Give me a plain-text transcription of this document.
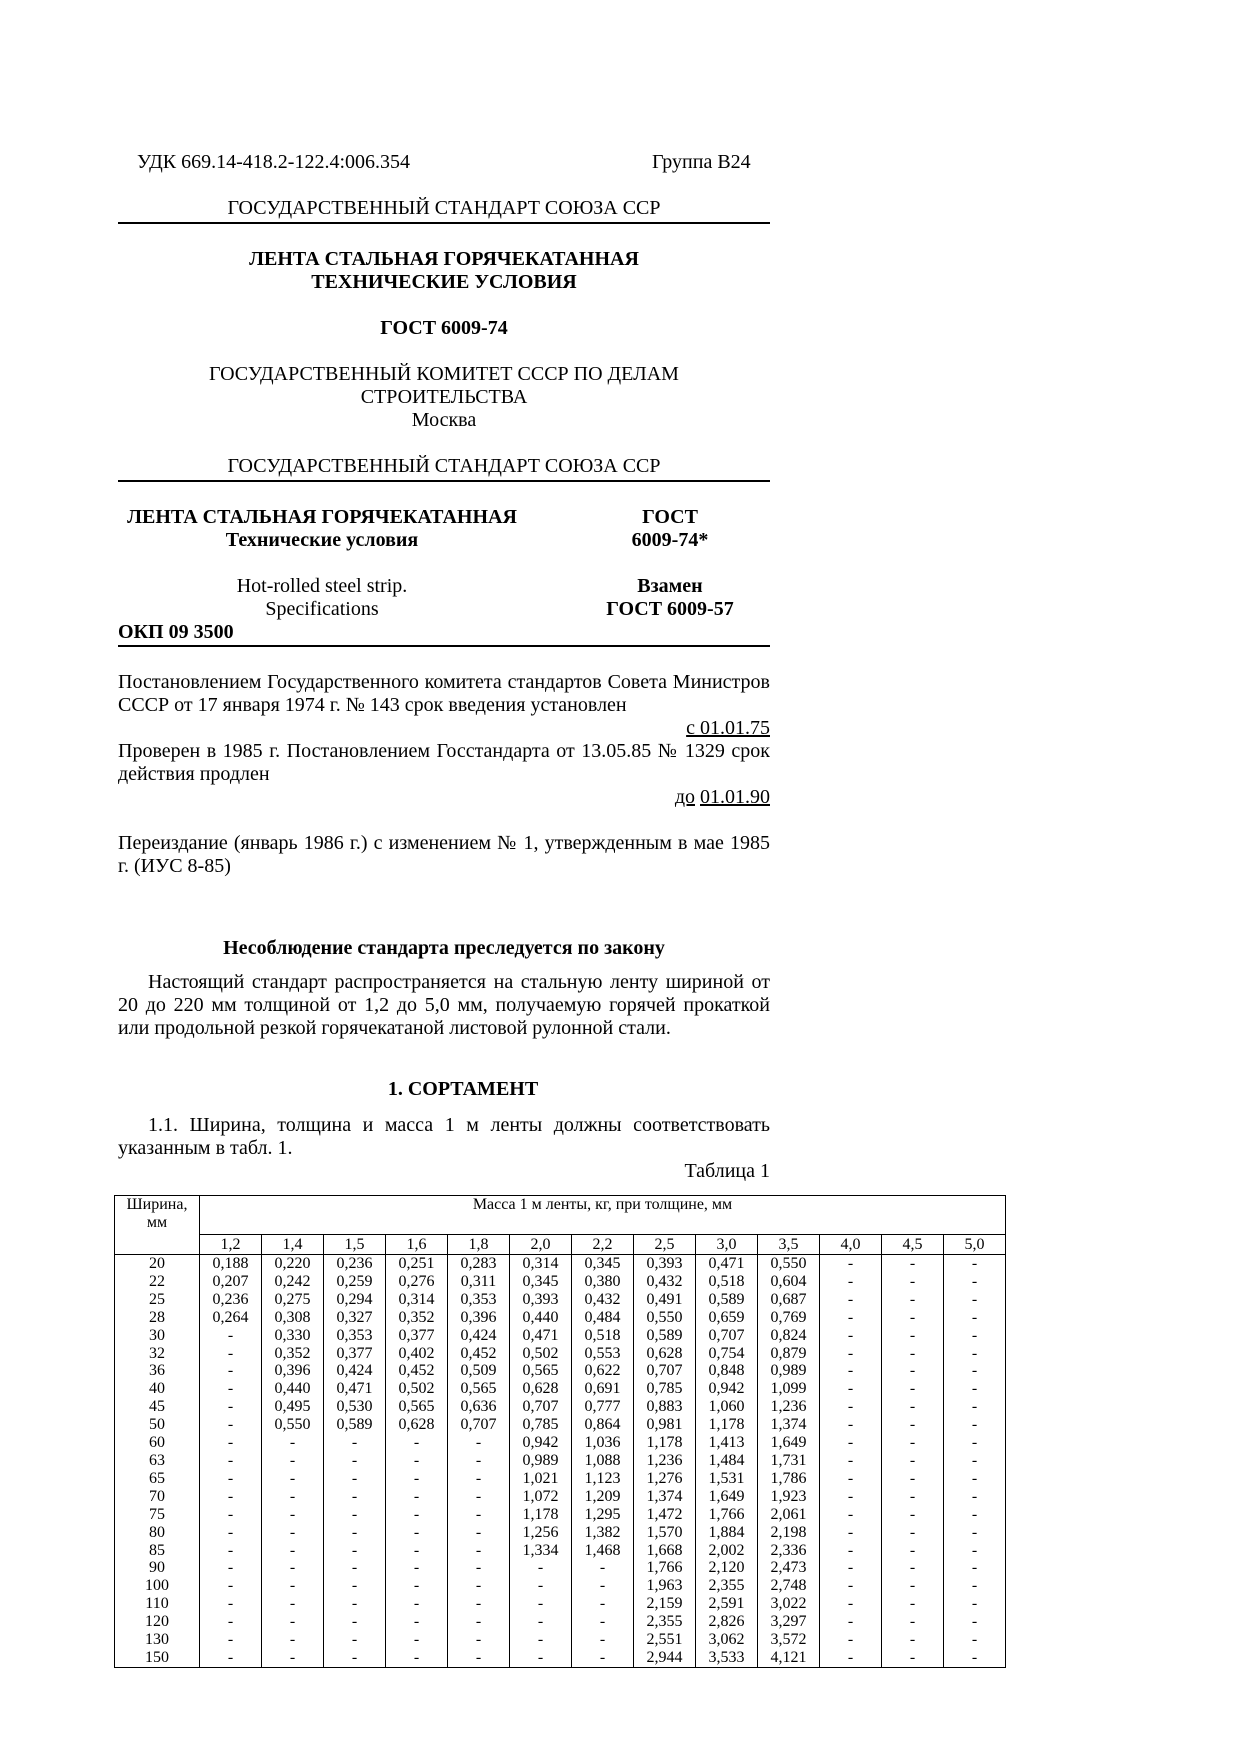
УДК 669.14-418.2-122.4:006.354	Группа В24
ГОСУДАРСТВЕННЫЙ СТАНДАРТ СОЮЗА ССР
ЛЕНТА СТАЛЬНАЯ ГОРЯЧЕКАТАННАЯ
ТЕХНИЧЕСКИЕ УСЛОВИЯ
ГОСТ 6009-74
ГОСУДАРСТВЕННЫЙ КОМИТЕТ СССР ПО ДЕЛАМ
СТРОИТЕЛЬСТВА
Москва
ГОСУДАРСТВЕННЫЙ СТАНДАРТ СОЮЗА ССР
ЛЕНТА СТАЛЬНАЯ ГОРЯЧЕКАТАННАЯ
Технические условия
ГОСТ
6009-74*
Hot-rolled steel strip.
Specifications
Взамен
ГОСТ 6009-57
ОКП 09 3500
Постановлением Государственного комитета стандартов Совета Министров СССР от 17 января 1974 г. № 143 срок введения установлен
с 01.01.75
Проверен в 1985 г. Постановлением Госстандарта от 13.05.85 № 1329 срок действия продлен
до 01.01.90
Переиздание (январь 1986 г.) с изменением № 1, утвержденным в мае 1985 г. (ИУС 8-85)
Несоблюдение стандарта преследуется по закону
Настоящий стандарт распространяется на стальную ленту шириной от 20 до 220 мм толщиной от 1,2 до 5,0 мм, получаемую горячей прокаткой или продольной резкой горячекатаной листовой рулонной стали.
1. СОРТАМЕНТ
1.1. Ширина, толщина и масса 1 м ленты должны соответствовать указанным в табл. 1.
Таблица 1
Ширина, мм	Масса 1 м ленты, кг, при толщине, мм												
	1,2	1,4	1,5	1,6	1,8	2,0	2,2	2,5	3,0	3,5	4,0	4,5	5,0
20	0,188	0,220	0,236	0,251	0,283	0,314	0,345	0,393	0,471	0,550	-	-	-
22	0,207	0,242	0,259	0,276	0,311	0,345	0,380	0,432	0,518	0,604	-	-	-
25	0,236	0,275	0,294	0,314	0,353	0,393	0,432	0,491	0,589	0,687	-	-	-
28	0,264	0,308	0,327	0,352	0,396	0,440	0,484	0,550	0,659	0,769	-	-	-
30	-	0,330	0,353	0,377	0,424	0,471	0,518	0,589	0,707	0,824	-	-	-
32	-	0,352	0,377	0,402	0,452	0,502	0,553	0,628	0,754	0,879	-	-	-
36	-	0,396	0,424	0,452	0,509	0,565	0,622	0,707	0,848	0,989	-	-	-
40	-	0,440	0,471	0,502	0,565	0,628	0,691	0,785	0,942	1,099	-	-	-
45	-	0,495	0,530	0,565	0,636	0,707	0,777	0,883	1,060	1,236	-	-	-
50	-	0,550	0,589	0,628	0,707	0,785	0,864	0,981	1,178	1,374	-	-	-
60	-	-	-	-	-	0,942	1,036	1,178	1,413	1,649	-	-	-
63	-	-	-	-	-	0,989	1,088	1,236	1,484	1,731	-	-	-
65	-	-	-	-	-	1,021	1,123	1,276	1,531	1,786	-	-	-
70	-	-	-	-	-	1,072	1,209	1,374	1,649	1,923	-	-	-
75	-	-	-	-	-	1,178	1,295	1,472	1,766	2,061	-	-	-
80	-	-	-	-	-	1,256	1,382	1,570	1,884	2,198	-	-	-
85	-	-	-	-	-	1,334	1,468	1,668	2,002	2,336	-	-	-
90	-	-	-	-	-	-	-	1,766	2,120	2,473	-	-	-
100	-	-	-	-	-	-	-	1,963	2,355	2,748	-	-	-
110	-	-	-	-	-	-	-	2,159	2,591	3,022	-	-	-
120	-	-	-	-	-	-	-	2,355	2,826	3,297	-	-	-
130	-	-	-	-	-	-	-	2,551	3,062	3,572	-	-	-
150	-	-	-	-	-	-	-	2,944	3,533	4,121	-	-	-
